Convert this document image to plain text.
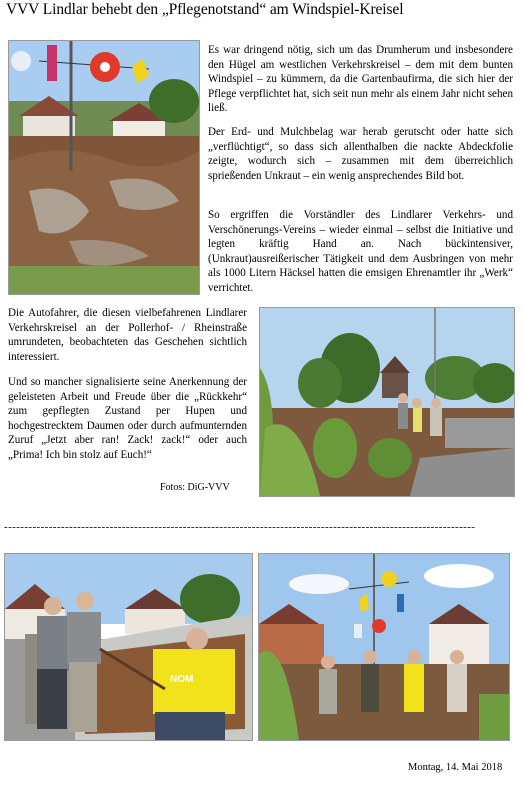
VVV Lindlar behebt den „Pflegenotstand“ am Windspiel-Kreisel

Es war dringend nötig, sich um das Drumherum und insbesondere den Hügel am westlichen Verkehrskreisel – dem mit dem bunten Windspiel – zu kümmern, da die Gartenbaufirma, die sich hier der Pflege verpflichtet hat, sich seit nun mehr als einem Jahr nicht sehen ließ.

Der Erd- und Mulchbelag war herab gerutscht oder hatte sich „verflüchtigt“, so dass sich allenthalben die nackte Abdeckfolie zeigte, wodurch sich – zusammen mit dem überreichlich sprießenden Unkraut – ein wenig ansprechendes Bild bot.

So ergriffen die Vorständler des Lindlarer Verkehrs- und Verschönerungs-Vereins – wieder einmal – selbst die Initiative und legten kräftig Hand an. Nach bückintensiver, (Unkraut)ausreißerischer Tätigkeit und dem Ausbringen von mehr als 1000 Litern Häcksel hatten die emsigen Ehrenamtler ihr „Werk“ verrichtet.

Die Autofahrer, die diesen vielbefahrenen Lindlarer Verkehrskreisel an der Pollerhof- / Rheinstraße umrundeten, beobachteten das Geschehen sichtlich interessiert.

Und so mancher signalisierte seine Anerkennung der geleisteten Arbeit und Freude über die „Rückkehr“ zum gepflegten Zustand per Hupen und hochgestrecktem Daumen oder durch aufmunternden Zuruf „Jetzt aber ran! Zack! zack!“ oder auch „Prima! Ich bin stolz auf Euch!“

Fotos: DiG-VVV
--------------------------------------------------------------------------------------------------------------------
NOM
Montag, 14. Mai 2018
